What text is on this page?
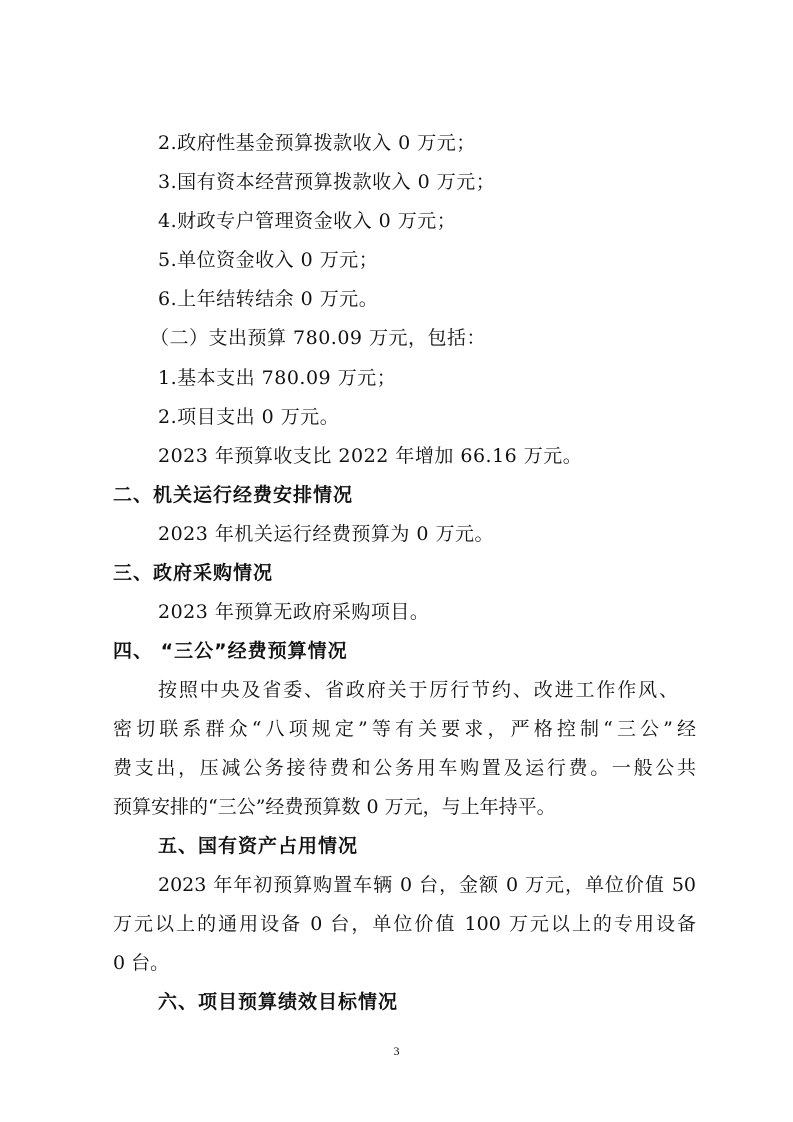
2.政府性基金预算拨款收入 0 万元；
3.国有资本经营预算拨款收入 0 万元；
4.财政专户管理资金收入 0 万元；
5.单位资金收入 0 万元；
6.上年结转结余 0 万元。
（二）支出预算 780.09 万元，包括：
1.基本支出 780.09 万元；
2.项目支出 0 万元。
2023 年预算收支比 2022 年增加 66.16 万元。
二、机关运行经费安排情况
2023 年机关运行经费预算为 0 万元。
三、政府采购情况
2023 年预算无政府采购项目。
四、 “三公”经费预算情况
按照中央及省委、省政府关于厉行节约、改进工作作风、
密切联系群众“八项规定”等有关要求，严格控制“三公”经
费支出，压减公务接待费和公务用车购置及运行费。一般公共
预算安排的“三公”经费预算数 0 万元，与上年持平。
五、国有资产占用情况
2023 年年初预算购置车辆 0 台，金额 0 万元，单位价值 50
万元以上的通用设备 0 台，单位价值 100 万元以上的专用设备
0 台。
六、项目预算绩效目标情况
3
